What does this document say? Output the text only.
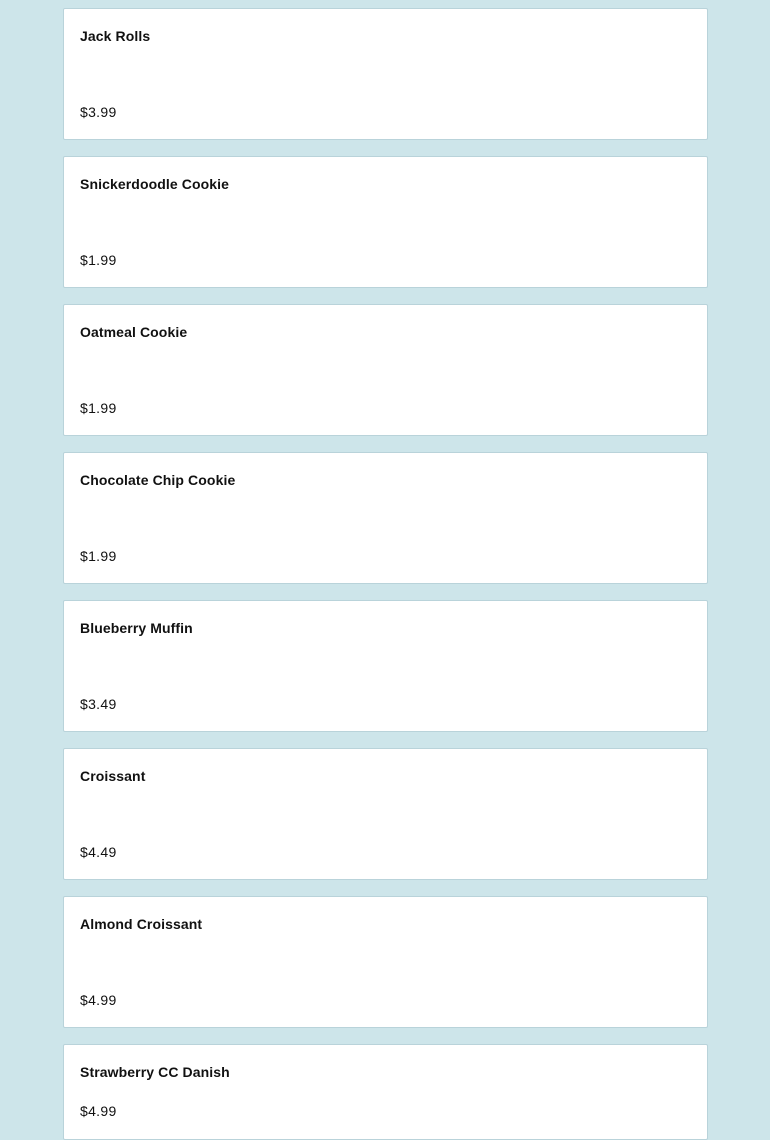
Jack Rolls
$3.99
Snickerdoodle Cookie
$1.99
Oatmeal Cookie
$1.99
Chocolate Chip Cookie
$1.99
Blueberry Muffin
$3.49
Croissant
$4.49
Almond Croissant
$4.99
Strawberry CC Danish
$4.99
